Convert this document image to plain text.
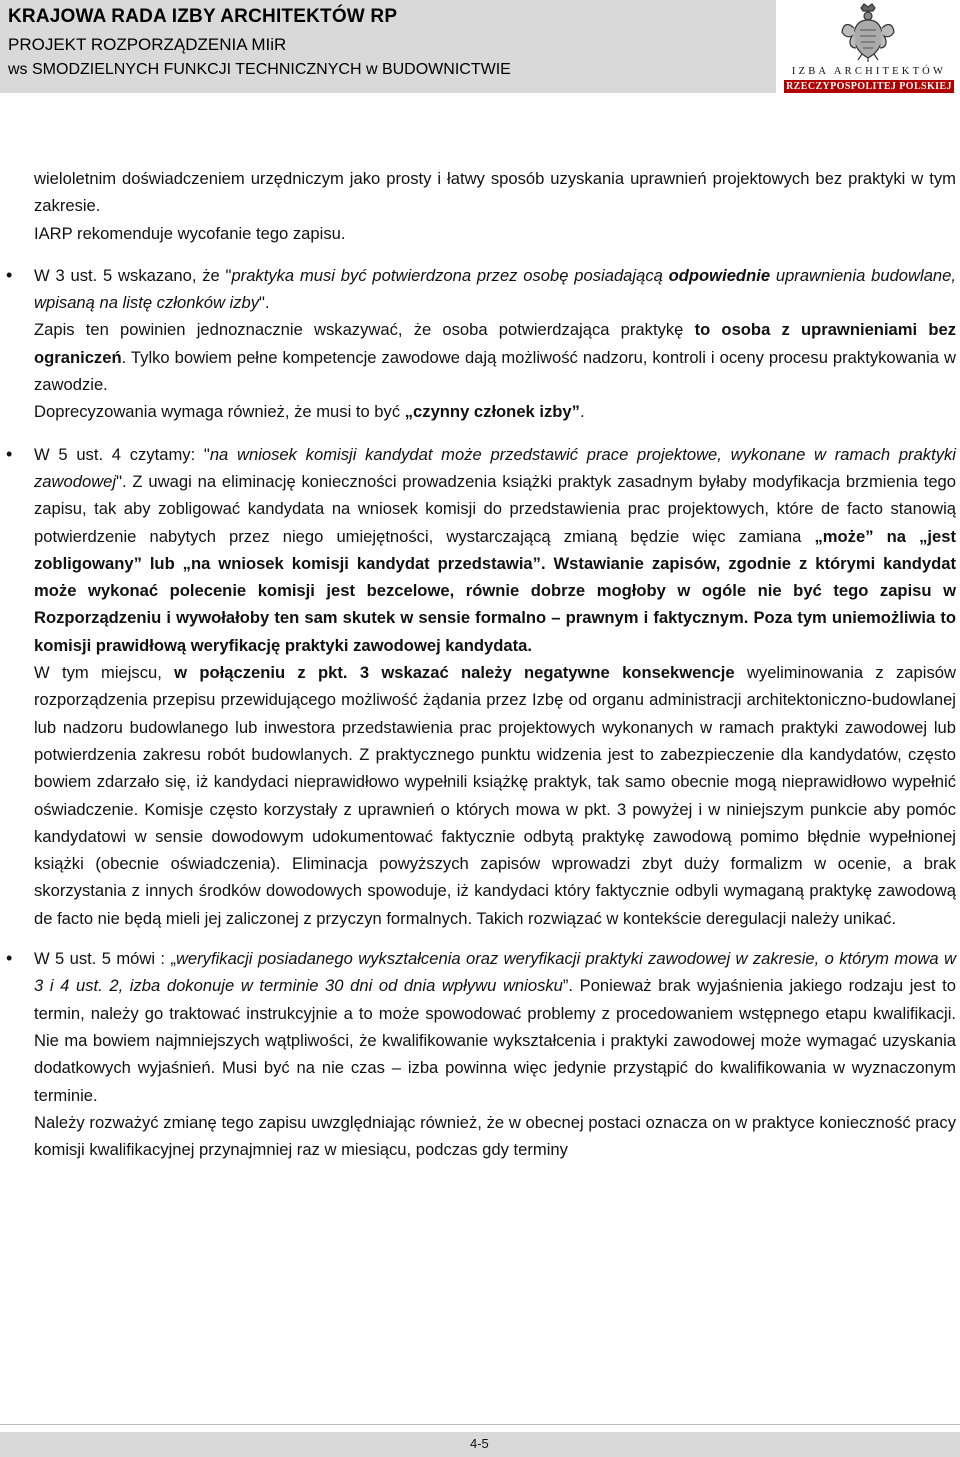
KRAJOWA RADA IZBY ARCHITEKTÓW RP
PROJEKT ROZPORZĄDZENIA MIiR
ws SMODZIELNYCH FUNKCJI TECHNICZNYCH w BUDOWNICTWIE	IZBA ARCHITEKTÓW
RZECZYPOSPOLITEJ POLSKIEJ

wieloletnim doświadczeniem urzędniczym jako prosty i łatwy sposób uzyskania uprawnień projektowych bez praktyki w tym zakresie.

IARP rekomenduje wycofanie tego zapisu.

• W 3 ust. 5 wskazano, że "praktyka musi być potwierdzona przez osobę posiadającą odpowiednie uprawnienia budowlane, wpisaną na listę członków izby".

Zapis ten powinien jednoznacznie wskazywać, że osoba potwierdzająca praktykę to osoba z uprawnieniami bez ograniczeń. Tylko bowiem pełne kompetencje zawodowe dają możliwość nadzoru, kontroli i oceny procesu praktykowania w zawodzie.

Doprecyzowania wymaga również, że musi to być „czynny członek izby”.

• W 5 ust. 4 czytamy: "na wniosek komisji kandydat może przedstawić prace projektowe, wykonane w ramach praktyki zawodowej". Z uwagi na eliminację konieczności prowadzenia książki praktyk zasadnym byłaby modyfikacja brzmienia tego zapisu, tak aby zobligować kandydata na wniosek komisji do przedstawienia prac projektowych, które de facto stanowią potwierdzenie nabytych przez niego umiejętności, wystarczającą zmianą będzie więc zamiana „może” na „jest zobligowany” lub „na wniosek komisji kandydat przedstawia”. Wstawianie zapisów, zgodnie z którymi kandydat może wykonać polecenie komisji jest bezcelowe, równie dobrze mogłoby w ogóle nie być tego zapisu w Rozporządzeniu i wywołałoby ten sam skutek w sensie formalno – prawnym i faktycznym. Poza tym uniemożliwia to komisji prawidłową weryfikację praktyki zawodowej kandydata.

W tym miejscu, w połączeniu z pkt. 3 wskazać należy negatywne konsekwencje wyeliminowania z zapisów rozporządzenia przepisu przewidującego możliwość żądania przez Izbę od organu administracji architektoniczno-budowlanej lub nadzoru budowlanego lub inwestora przedstawienia prac projektowych wykonanych w ramach praktyki zawodowej lub potwierdzenia zakresu robót budowlanych. Z praktycznego punktu widzenia jest to zabezpieczenie dla kandydatów, często bowiem zdarzało się, iż kandydaci nieprawidłowo wypełnili książkę praktyk, tak samo obecnie mogą nieprawidłowo wypełnić oświadczenie. Komisje często korzystały z uprawnień o których mowa w pkt. 3 powyżej i w niniejszym punkcie aby pomóc kandydatowi w sensie dowodowym udokumentować faktycznie odbytą praktykę zawodową pomimo błędnie wypełnionej książki (obecnie oświadczenia). Eliminacja powyższych zapisów wprowadzi zbyt duży formalizm w ocenie, a brak skorzystania z innych środków dowodowych spowoduje, iż kandydaci który faktycznie odbyli wymaganą praktykę zawodową de facto nie będą mieli jej zaliczonej z przyczyn formalnych. Takich rozwiązać w kontekście deregulacji należy unikać.

• W 5 ust. 5 mówi : „weryfikacji posiadanego wykształcenia oraz weryfikacji praktyki zawodowej w zakresie, o którym mowa w 3 i 4 ust. 2, izba dokonuje w terminie 30 dni od dnia wpływu wniosku”. Ponieważ brak wyjaśnienia jakiego rodzaju jest to termin, należy go traktować instrukcyjnie a to może spowodować problemy z procedowaniem wstępnego etapu kwalifikacji. Nie ma bowiem najmniejszych wątpliwości, że kwalifikowanie wykształcenia i praktyki zawodowej może wymagać uzyskania dodatkowych wyjaśnień. Musi być na nie czas – izba powinna więc jedynie przystąpić do kwalifikowania w wyznaczonym terminie.

Należy rozważyć zmianę tego zapisu uwzględniając również, że w obecnej postaci oznacza on w praktyce konieczność pracy komisji kwalifikacyjnej przynajmniej raz w miesiącu, podczas gdy terminy

4-5
